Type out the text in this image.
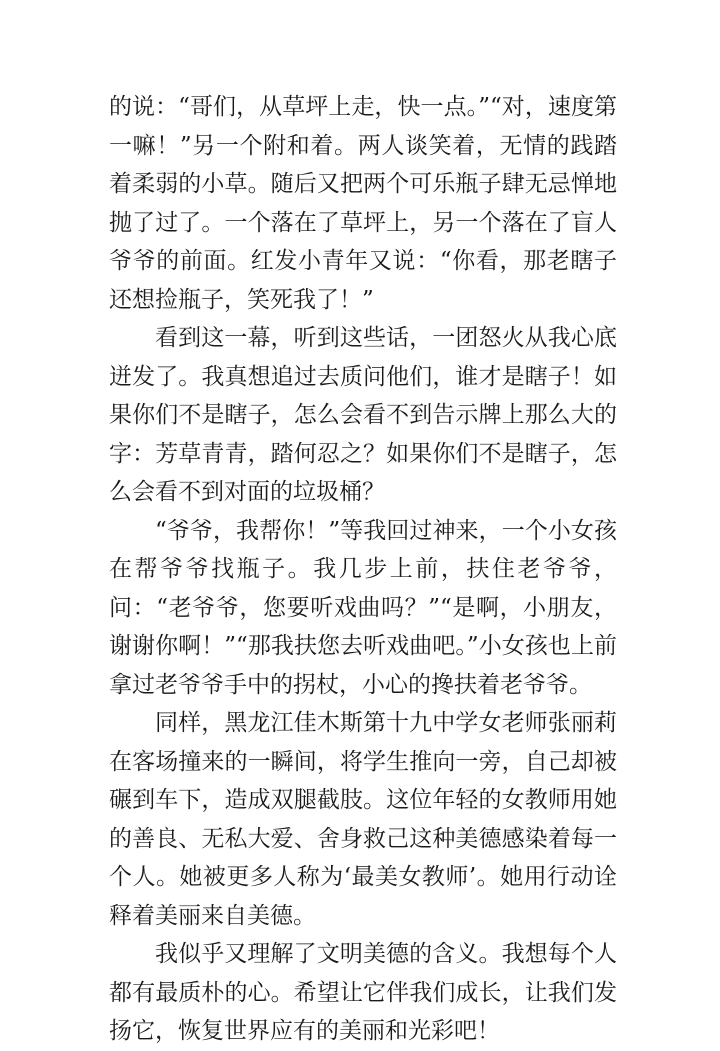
的说：“哥们，从草坪上走，快一点。”“对，速度第一嘛！”另一个附和着。两人谈笑着，无情的践踏着柔弱的小草。随后又把两个可乐瓶子肆无忌惮地抛了过了。一个落在了草坪上，另一个落在了盲人爷爷的前面。红发小青年又说：“你看，那老瞎子还想捡瓶子，笑死我了！”

看到这一幕，听到这些话，一团怒火从我心底迸发了。我真想追过去质问他们，谁才是瞎子！如果你们不是瞎子，怎么会看不到告示牌上那么大的字：芳草青青，踏何忍之？如果你们不是瞎子，怎么会看不到对面的垃圾桶？

“爷爷，我帮你！”等我回过神来，一个小女孩在帮爷爷找瓶子。我几步上前，扶住老爷爷，问：“老爷爷，您要听戏曲吗？”“是啊，小朋友，谢谢你啊！”“那我扶您去听戏曲吧。”小女孩也上前拿过老爷爷手中的拐杖，小心的搀扶着老爷爷。

同样，黑龙江佳木斯第十九中学女老师张丽莉在客场撞来的一瞬间，将学生推向一旁，自己却被碾到车下，造成双腿截肢。这位年轻的女教师用她的善良、无私大爱、舍身救己这种美德感染着每一个人。她被更多人称为‘最美女教师’。她用行动诠释着美丽来自美德。

我似乎又理解了文明美德的含义。我想每个人都有最质朴的心。希望让它伴我们成长，让我们发扬它，恢复世界应有的美丽和光彩吧！
